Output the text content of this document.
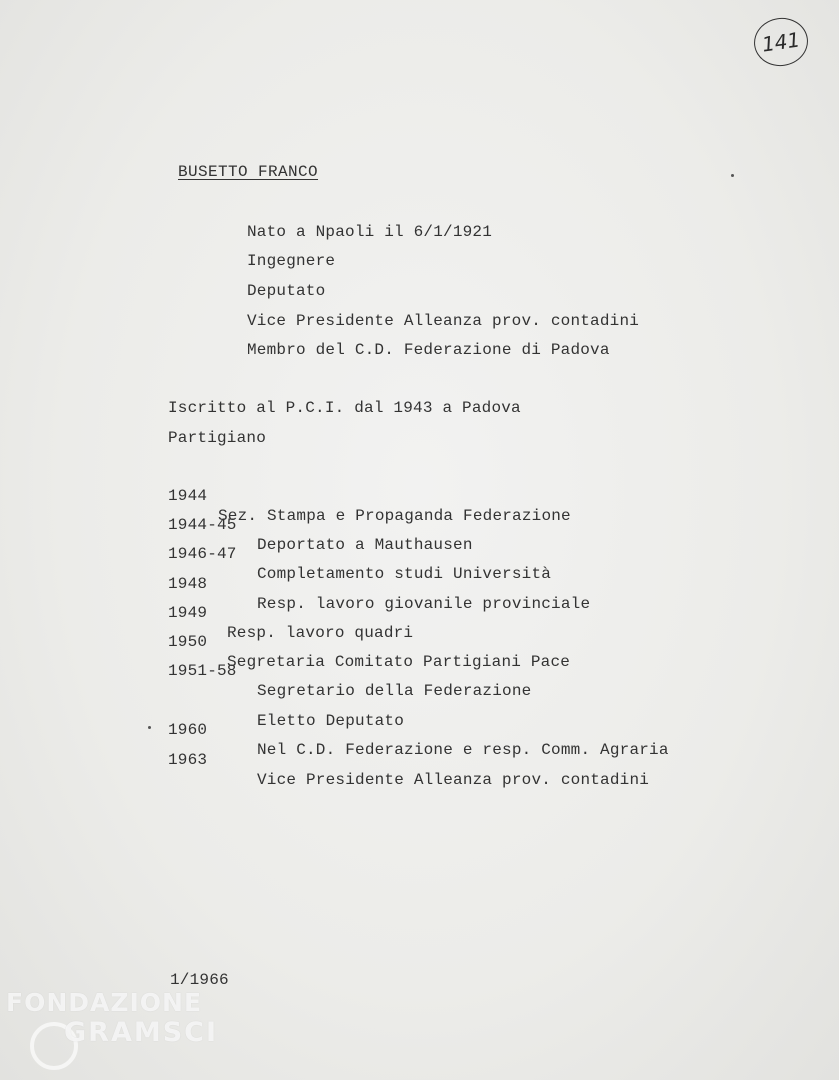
141
BUSETTO FRANCO
Nato a Npaoli il 6/1/1921
Ingegnere
Deputato
Vice Presidente Alleanza prov. contadini
Membro del C.D. Federazione di Padova
Iscritto al P.C.I. dal 1943 a Padova
Partigiano

1944

Sez. Stampa e Propaganda Federazione

1944-45

Deportato a Mauthausen

1946-47

Completamento studi Università

1948

Resp. lavoro giovanile provinciale

1949

Resp. lavoro quadri

1950

Segretaria Comitato Partigiani Pace

1951-58

Segretario della Federazione

Eletto Deputato

1960

Nel C.D. Federazione e resp. Comm. Agraria

1963

Vice Presidente Alleanza prov. contadini

1/1966
FONDAZIONE
GRAMSCI
